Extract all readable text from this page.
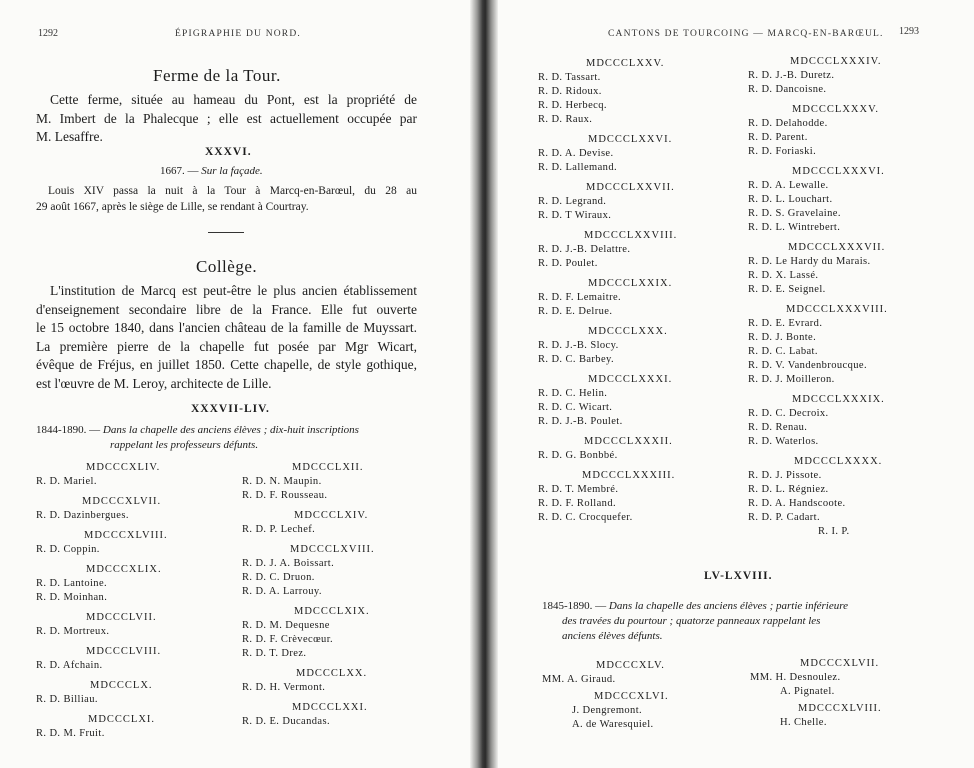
1292	ÉPIGRAPHIE DU NORD.
Ferme de la Tour.
Cette ferme, située au hameau du Pont, est la propriété de
M. Imbert de la Phalecque ; elle est actuellement occupée par
M. Lesaffre.
XXXVI.
1667. — Sur la façade.
Louis XIV passa la nuit à la Tour à Marcq-en-Barœul, du 28 au
29 août 1667, après le siège de Lille, se rendant à Courtray.
Collège.
L'institution de Marcq est peut-être le plus ancien établissement
d'enseignement secondaire libre de la France. Elle fut ouverte
le 15 octobre 1840, dans l'ancien château de la famille de Muyssart.
La première pierre de la chapelle fut posée par Mgr Wicart,
évêque de Fréjus, en juillet 1850. Cette chapelle, de style gothique,
est l'œuvre de M. Leroy, architecte de Lille.
XXXVII-LIV.
1844-1890. — Dans la chapelle des anciens élèves ; dix-huit inscriptions
rappelant les professeurs défunts.
MDCCCXLIV.
R. D. Mariel.
MDCCCXLVII.
R. D. Dazinbergues.
MDCCCXLVIII.
R. D. Coppin.
MDCCCXLIX.
R. D. Lantoine.
R. D. Moinhan.
MDCCCLVII.
R. D. Mortreux.
MDCCCLVIII.
R. D. Afchain.
MDCCCLX.
R. D. Billiau.
MDCCCLXI.
R. D. M. Fruit.
MDCCCLXII.
R. D. N. Maupin.
R. D. F. Rousseau.
MDCCCLXIV.
R. D. P. Lechef.
MDCCCLXVIII.
R. D. J. A. Boissart.
R. D. C. Druon.
R. D. A. Larrouy.
MDCCCLXIX.
R. D. M. Dequesne
R. D. F. Crèvecœur.
R. D. T. Drez.
MDCCCLXX.
R. D. H. Vermont.
MDCCCLXXI.
R. D. E. Ducandas.
CANTONS DE TOURCOING — MARCQ-EN-BARŒUL. 1293
MDCCCLXXV.
R. D. Tassart.
R. D. Ridoux.
R. D. Herbecq.
R. D. Raux.
MDCCCLXXVI.
R. D. A. Devise.
R. D. Lallemand.
MDCCCLXXVII.
R. D. Legrand.
R. D. T Wiraux.
MDCCCLXXVIII.
R. D. J.-B. Delattre.
R. D. Poulet.
MDCCCLXXIX.
R. D. F. Lemaitre.
R. D. E. Delrue.
MDCCCLXXX.
R. D. J.-B. Slocy.
R. D. C. Barbey.
MDCCCLXXXI.
R. D. C. Helin.
R. D. C. Wicart.
R. D. J.-B. Poulet.
MDCCCLXXXII.
R. D. G. Bonbbé.
MDCCCLXXXIII.
R. D. T. Membré.
R. D. F. Rolland.
R. D. C. Crocquefer.
MDCCCLXXXIV.
R. D. J.-B. Duretz.
R. D. Dancoisne.
MDCCCLXXXV.
R. D. Delahodde.
R. D. Parent.
R. D. Foriaski.
MDCCCLXXXVI.
R. D. A. Lewalle.
R. D. L. Louchart.
R. D. S. Gravelaine.
R. D. L. Wintrebert.
MDCCCLXXXVII.
R. D. Le Hardy du Marais.
R. D. X. Lassé.
R. D. E. Seignel.
MDCCCLXXXVIII.
R. D. E. Evrard.
R. D. J. Bonte.
R. D. C. Labat.
R. D. V. Vandenbroucque.
R. D. J. Moilleron.
MDCCCLXXXIX.
R. D. C. Decroix.
R. D. Renau.
R. D. Waterlos.
MDCCCLXXXX.
R. D. J. Pissote.
R. D. L. Régniez.
R. D. A. Handscoote.
R. D. P. Cadart.
R. I. P.
LV-LXVIII.
1845-1890. — Dans la chapelle des anciens élèves ; partie inférieure
des travées du pourtour ; quatorze panneaux rappelant les
anciens élèves défunts.
MDCCCXLV.
MM. A. Giraud.
MDCCCXLVI.
J. Dengremont.
A. de Waresquiel.
MDCCCXLVII.
MM. H. Desnoulez.
A. Pignatel.
MDCCCXLVIII.
H. Chelle.
